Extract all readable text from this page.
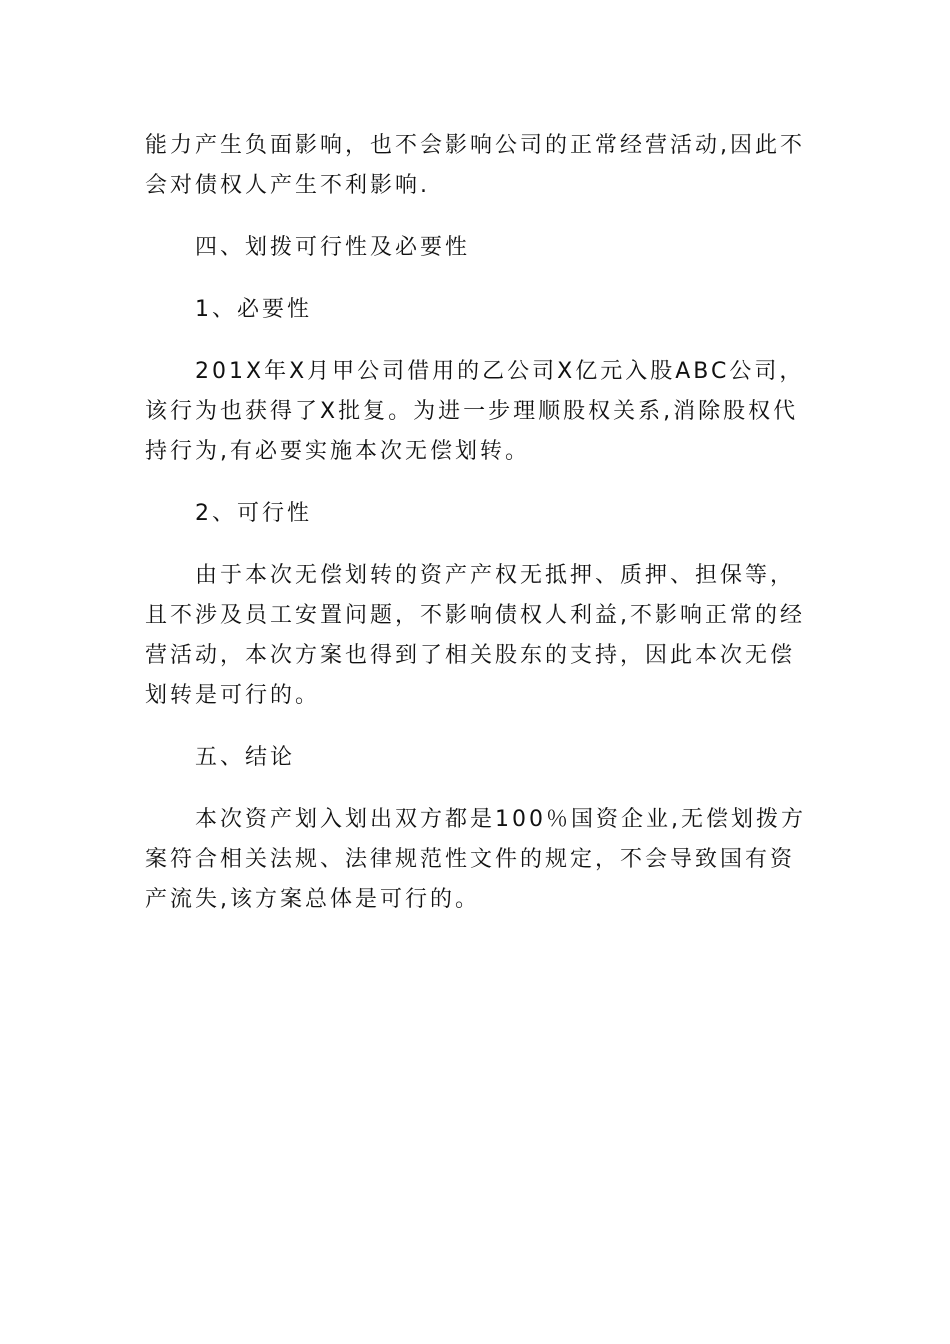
能力产生负面影响，也不会影响公司的正常经营活动,因此不会对债权人产生不利影响.

四、划拨可行性及必要性

1、必要性

201X年X月甲公司借用的乙公司X亿元入股ABC公司，该行为也获得了X批复。为进一步理顺股权关系,消除股权代持行为,有必要实施本次无偿划转。

2、可行性

由于本次无偿划转的资产产权无抵押、质押、担保等，且不涉及员工安置问题，不影响债权人利益,不影响正常的经营活动，本次方案也得到了相关股东的支持，因此本次无偿划转是可行的。

五、结论

本次资产划入划出双方都是100％国资企业,无偿划拨方案符合相关法规、法律规范性文件的规定，不会导致国有资产流失,该方案总体是可行的。
